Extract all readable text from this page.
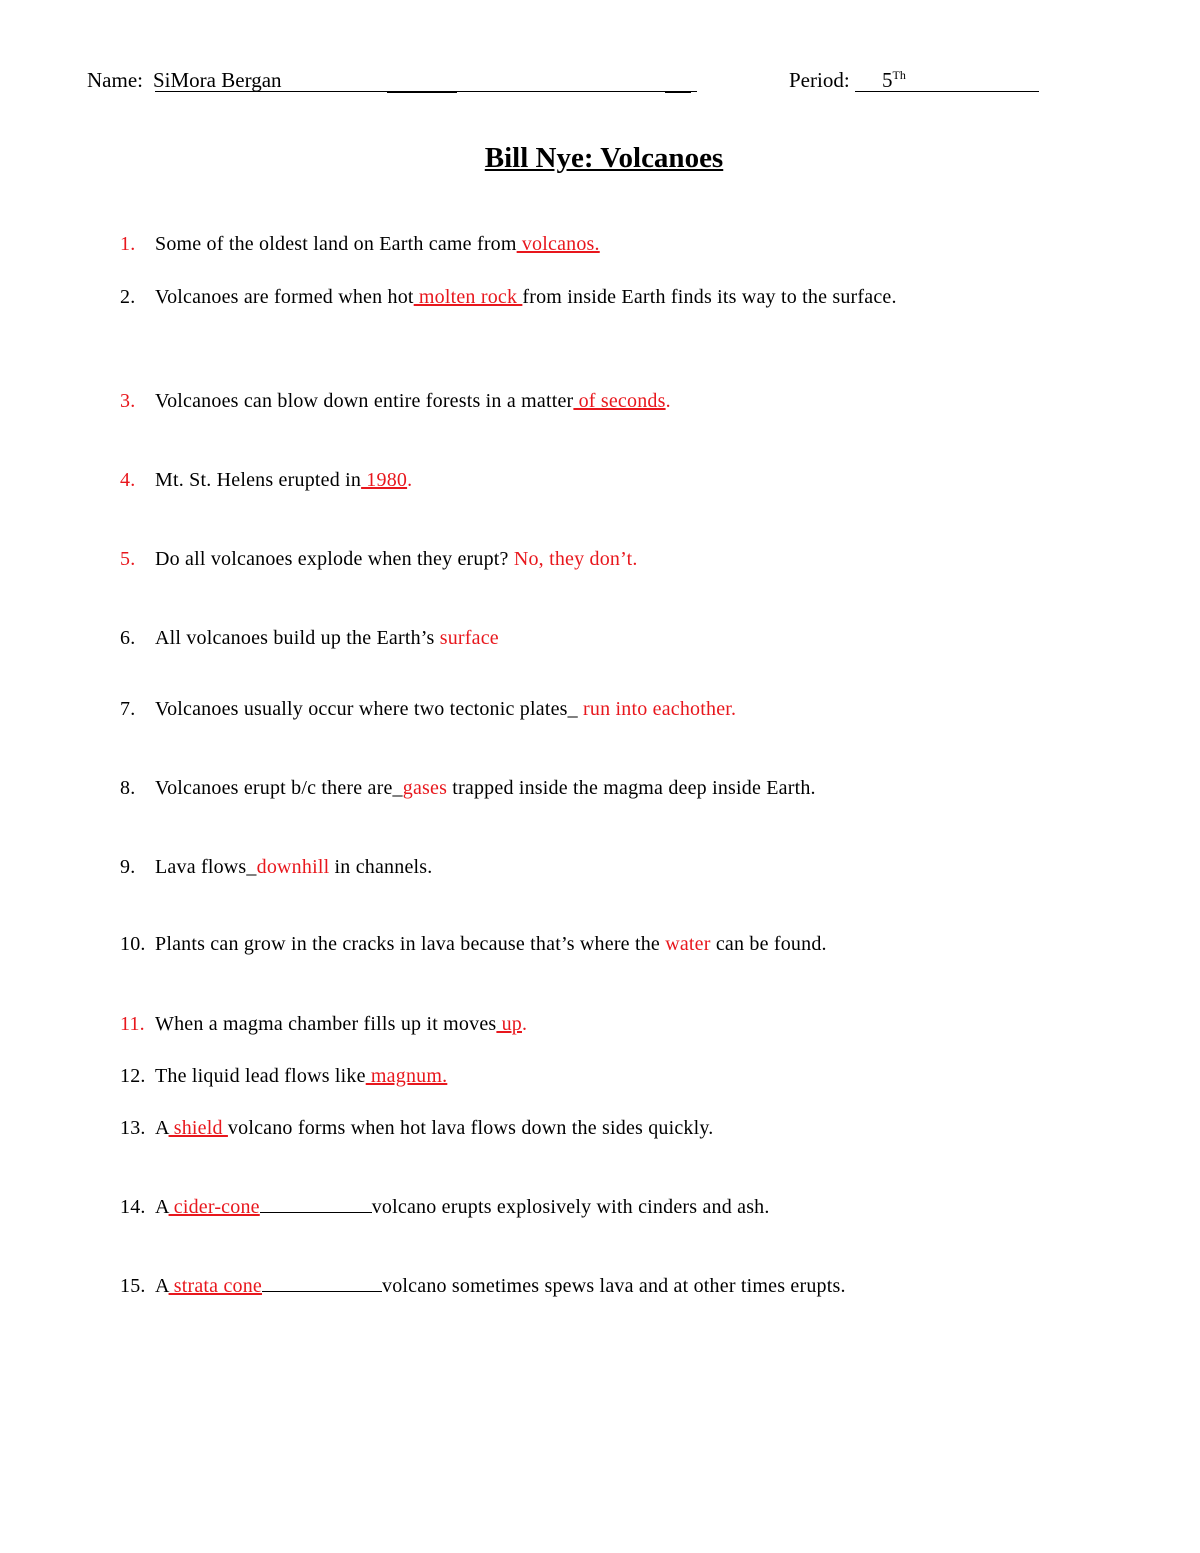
Name: SiMora Bergan	Period: 5Th
Bill Nye: Volcanoes
1. Some of the oldest land on Earth came from volcanos.
2. Volcanoes are formed when hot molten rock from inside Earth finds its way to the surface.
3. Volcanoes can blow down entire forests in a matter of seconds.
4. Mt. St. Helens erupted in 1980.
5. Do all volcanoes explode when they erupt? No, they don’t.
6. All volcanoes build up the Earth’s surface
7. Volcanoes usually occur where two tectonic plates_ run into eachother.
8. Volcanoes erupt b/c there are_gases trapped inside the magma deep inside Earth.
9. Lava flows_downhill in channels.
10. Plants can grow in the cracks in lava because that’s where the water can be found.
11. When a magma chamber fills up it moves up.
12. The liquid lead flows like magnum.
13. A shield volcano forms when hot lava flows down the sides quickly.
14. A cider-cone	volcano erupts explosively with cinders and ash.
15. A strata cone	volcano sometimes spews lava and at other times erupts.
